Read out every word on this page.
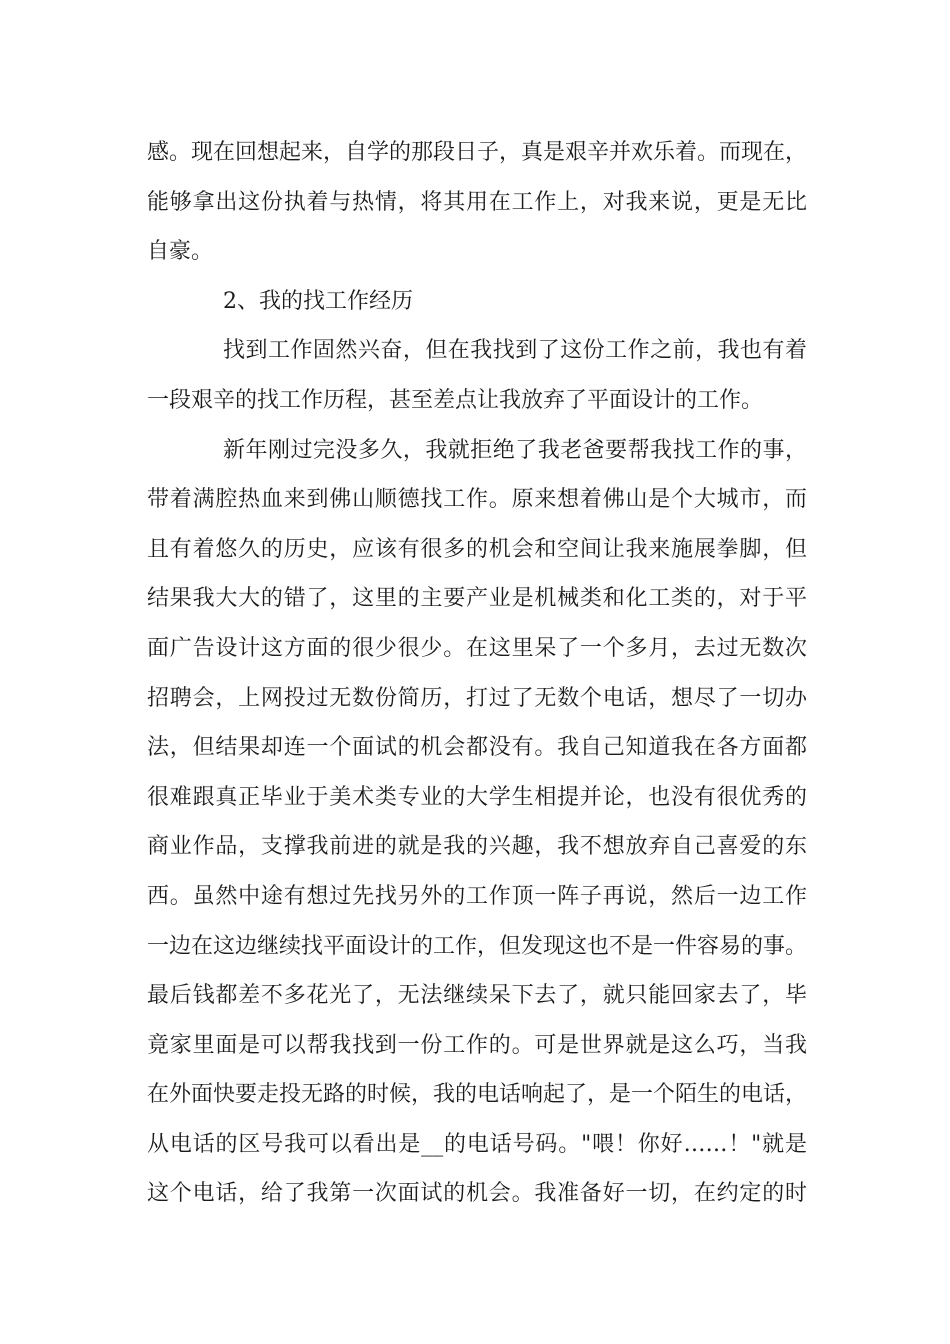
感。现在回想起来，自学的那段日子，真是艰辛并欢乐着。而现在，
能够拿出这份执着与热情，将其用在工作上，对我来说，更是无比
自豪。
2、我的找工作经历
找到工作固然兴奋，但在我找到了这份工作之前，我也有着
一段艰辛的找工作历程，甚至差点让我放弃了平面设计的工作。
新年刚过完没多久，我就拒绝了我老爸要帮我找工作的事，
带着满腔热血来到佛山顺德找工作。原来想着佛山是个大城市，而
且有着悠久的历史，应该有很多的机会和空间让我来施展拳脚，但
结果我大大的错了，这里的主要产业是机械类和化工类的，对于平
面广告设计这方面的很少很少。在这里呆了一个多月，去过无数次
招聘会，上网投过无数份简历，打过了无数个电话，想尽了一切办
法，但结果却连一个面试的机会都没有。我自己知道我在各方面都
很难跟真正毕业于美术类专业的大学生相提并论，也没有很优秀的
商业作品，支撑我前进的就是我的兴趣，我不想放弃自己喜爱的东
西。虽然中途有想过先找另外的工作顶一阵子再说，然后一边工作
一边在这边继续找平面设计的工作，但发现这也不是一件容易的事。
最后钱都差不多花光了，无法继续呆下去了，就只能回家去了，毕
竟家里面是可以帮我找到一份工作的。可是世界就是这么巧，当我
在外面快要走投无路的时候，我的电话响起了，是一个陌生的电话，
从电话的区号我可以看出是__的电话号码。"喂！你好……！"就是
这个电话，给了我第一次面试的机会。我准备好一切，在约定的时
